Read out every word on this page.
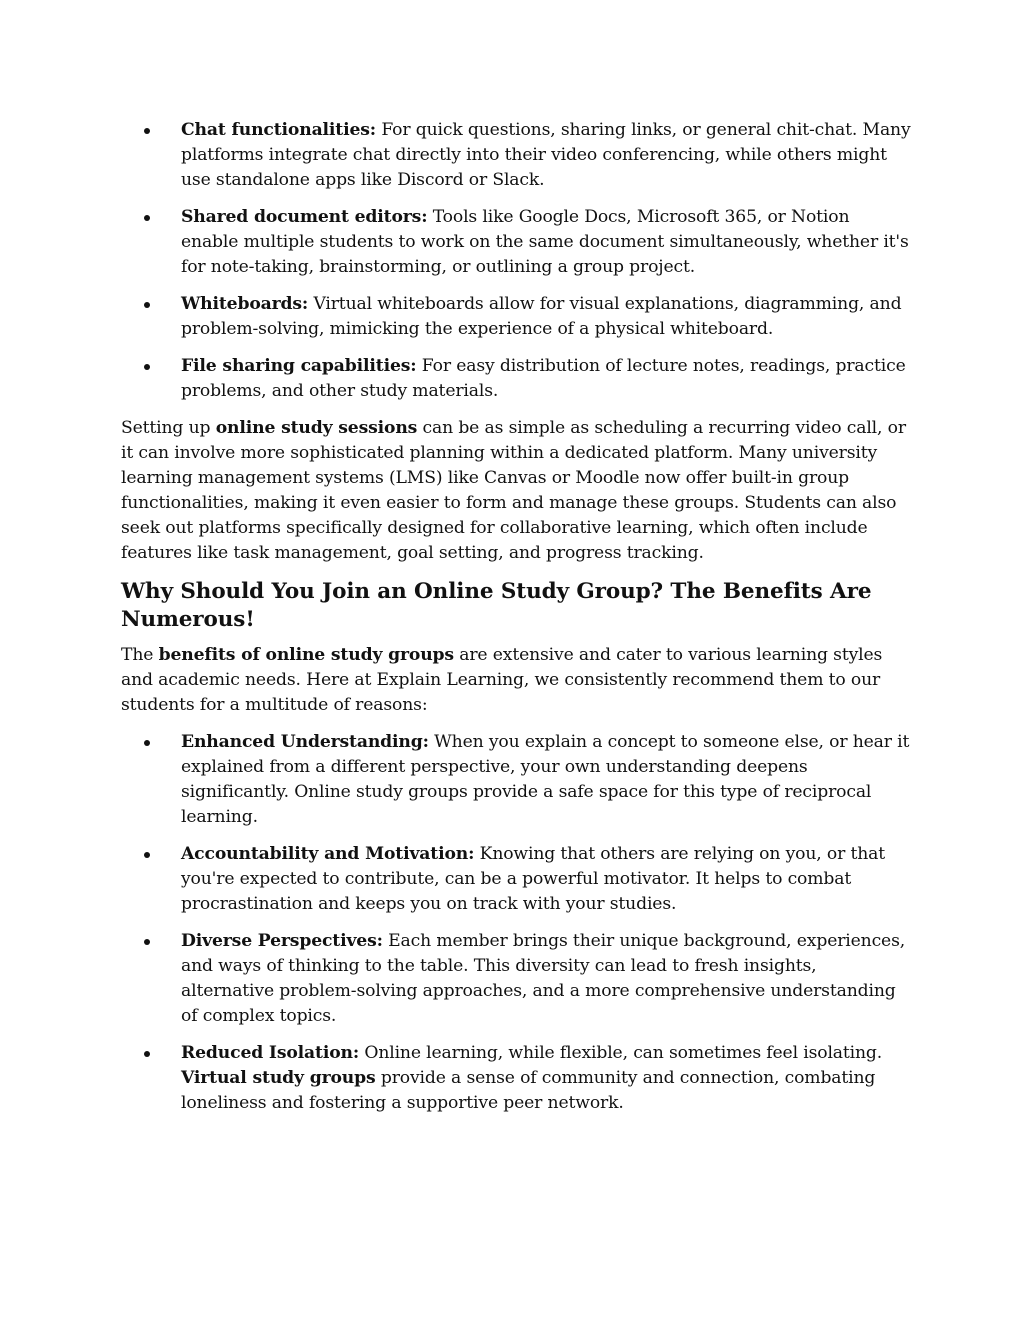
Chat functionalities: For quick questions, sharing links, or general chit-chat. Many platforms integrate chat directly into their video conferencing, while others might use standalone apps like Discord or Slack.
Shared document editors: Tools like Google Docs, Microsoft 365, or Notion enable multiple students to work on the same document simultaneously, whether it's for note-taking, brainstorming, or outlining a group project.
Whiteboards: Virtual whiteboards allow for visual explanations, diagramming, and problem-solving, mimicking the experience of a physical whiteboard.
File sharing capabilities: For easy distribution of lecture notes, readings, practice problems, and other study materials.

Setting up online study sessions can be as simple as scheduling a recurring video call, or it can involve more sophisticated planning within a dedicated platform. Many university learning management systems (LMS) like Canvas or Moodle now offer built-in group functionalities, making it even easier to form and manage these groups. Students can also seek out platforms specifically designed for collaborative learning, which often include features like task management, goal setting, and progress tracking.

Why Should You Join an Online Study Group? The Benefits Are Numerous!

The benefits of online study groups are extensive and cater to various learning styles and academic needs. Here at Explain Learning, we consistently recommend them to our students for a multitude of reasons:

Enhanced Understanding: When you explain a concept to someone else, or hear it explained from a different perspective, your own understanding deepens significantly. Online study groups provide a safe space for this type of reciprocal learning.
Accountability and Motivation: Knowing that others are relying on you, or that you're expected to contribute, can be a powerful motivator. It helps to combat procrastination and keeps you on track with your studies.
Diverse Perspectives: Each member brings their unique background, experiences, and ways of thinking to the table. This diversity can lead to fresh insights, alternative problem-solving approaches, and a more comprehensive understanding of complex topics.
Reduced Isolation: Online learning, while flexible, can sometimes feel isolating. Virtual study groups provide a sense of community and connection, combating loneliness and fostering a supportive peer network.
